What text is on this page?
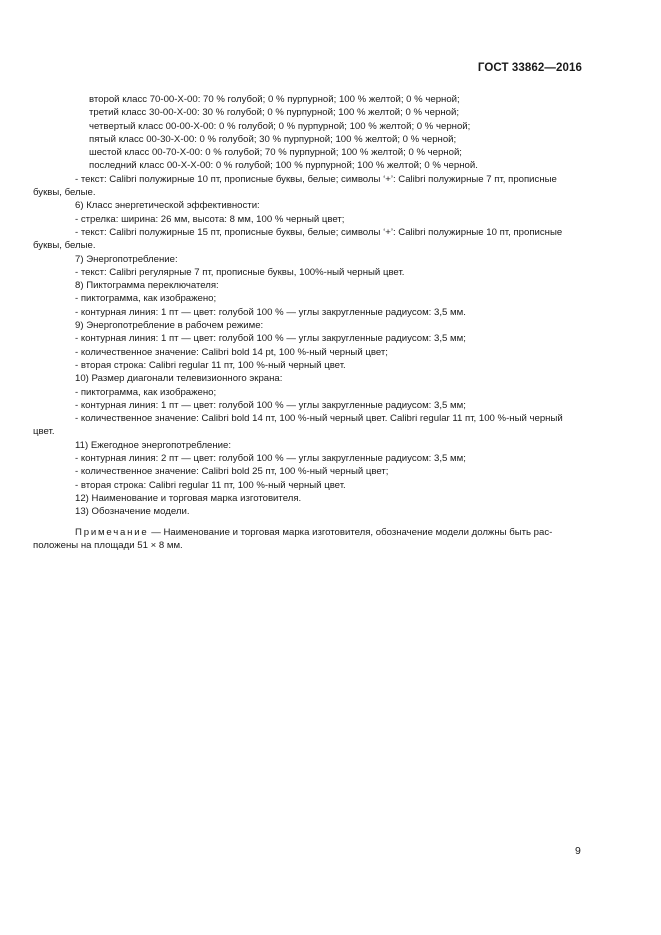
ГОСТ 33862—2016
второй класс 70-00-Х-00: 70 % голубой; 0 % пурпурной; 100 % желтой; 0 % черной;
третий класс 30-00-Х-00: 30 % голубой; 0 % пурпурной; 100 % желтой; 0 % черной;
четвертый класс 00-00-Х-00: 0 % голубой; 0 % пурпурной; 100 % желтой; 0 % черной;
пятый класс 00-30-Х-00: 0 % голубой; 30 % пурпурной; 100 % желтой; 0 % черной;
шестой класс 00-70-Х-00: 0 % голубой; 70 % пурпурной; 100 % желтой; 0 % черной;
последний класс 00-Х-Х-00: 0 % голубой; 100 % пурпурной; 100 % желтой; 0 % черной.
- текст: Calibri полужирные 10 пт, прописные буквы, белые; символы ‘+’: Calibri полужирные 7 пт, прописные
буквы, белые.
6) Класс энергетической эффективности:
- стрелка: ширина: 26 мм, высота: 8 мм, 100 % черный цвет;
- текст: Calibri полужирные 15 пт, прописные буквы, белые; символы ‘+’: Calibri полужирные 10 пт, прописные
буквы, белые.
7) Энергопотребление:
- текст: Calibri регулярные 7 пт, прописные буквы, 100%-ный черный цвет.
8) Пиктограмма переключателя:
- пиктограмма, как изображено;
- контурная линия: 1 пт — цвет: голубой 100 % — углы закругленные радиусом: 3,5 мм.
9) Энергопотребление в рабочем режиме:
- контурная линия: 1 пт — цвет: голубой 100 % — углы закругленные радиусом: 3,5 мм;
- количественное значение: Calibri bold 14 pt, 100 %-ный черный цвет;
- вторая строка: Calibri regular 11 пт, 100 %-ный черный цвет.
10) Размер диагонали телевизионного экрана:
- пиктограмма, как изображено;
- контурная линия: 1 пт — цвет: голубой 100 % — углы закругленные радиусом: 3,5 мм;
- количественное значение: Calibri bold 14 пт, 100 %-ный черный цвет. Calibri regular 11 пт, 100 %-ный черный
цвет.
11) Ежегодное энергопотребление:
- контурная линия: 2 пт — цвет: голубой 100 % — углы закругленные радиусом: 3,5 мм;
- количественное значение: Calibri bold 25 пт, 100 %-ный черный цвет;
- вторая строка: Calibri regular 11 пт, 100 %-ный черный цвет.
12) Наименование и торговая марка изготовителя.
13) Обозначение модели.
Примечание — Наименование и торговая марка изготовителя, обозначение модели должны быть рас-
положены на площади 51 × 8 мм.
9
